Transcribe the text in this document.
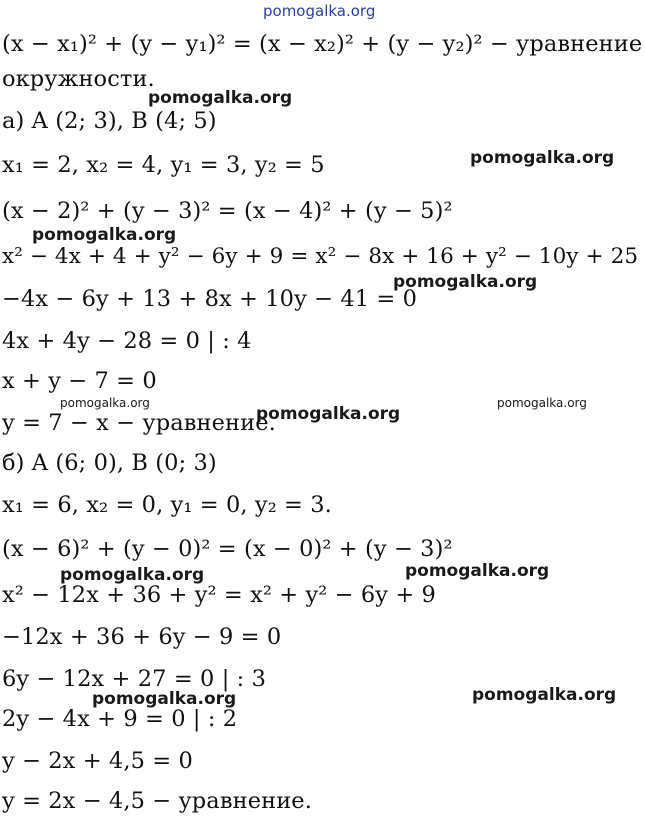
(x − x₁)² + (y − y₁)² = (x − x₂)² + (y − y₂)² − уравнение
окружности.
а) A (2; 3), B (4; 5)
x₁ = 2, x₂ = 4, y₁ = 3, y₂ = 5
(x − 2)² + (y − 3)² = (x − 4)² + (y − 5)²
x² − 4x + 4 + y² − 6y + 9 = x² − 8x + 16 + y² − 10y + 25
−4x − 6y + 13 + 8x + 10y − 41 = 0
4x + 4y − 28 = 0 | : 4
x + y − 7 = 0
y = 7 − x − уравнение.
б) A (6; 0), B (0; 3)
x₁ = 6, x₂ = 0, y₁ = 0, y₂ = 3.
(x − 6)² + (y − 0)² = (x − 0)² + (y − 3)²
x² − 12x + 36 + y² = x² + y² − 6y + 9
−12x + 36 + 6y − 9 = 0
6y − 12x + 27 = 0 | : 3
2y − 4x + 9 = 0 | : 2
y − 2x + 4,5 = 0
y = 2x − 4,5 − уравнение.
pomogalka.org
pomogalka.org
pomogalka.org
pomogalka.org
pomogalka.org
pomogalka.org
pomogalka.org
pomogalka.org
pomogalka.org	pomogalka.org
pomogalka.org	pomogalka.org
